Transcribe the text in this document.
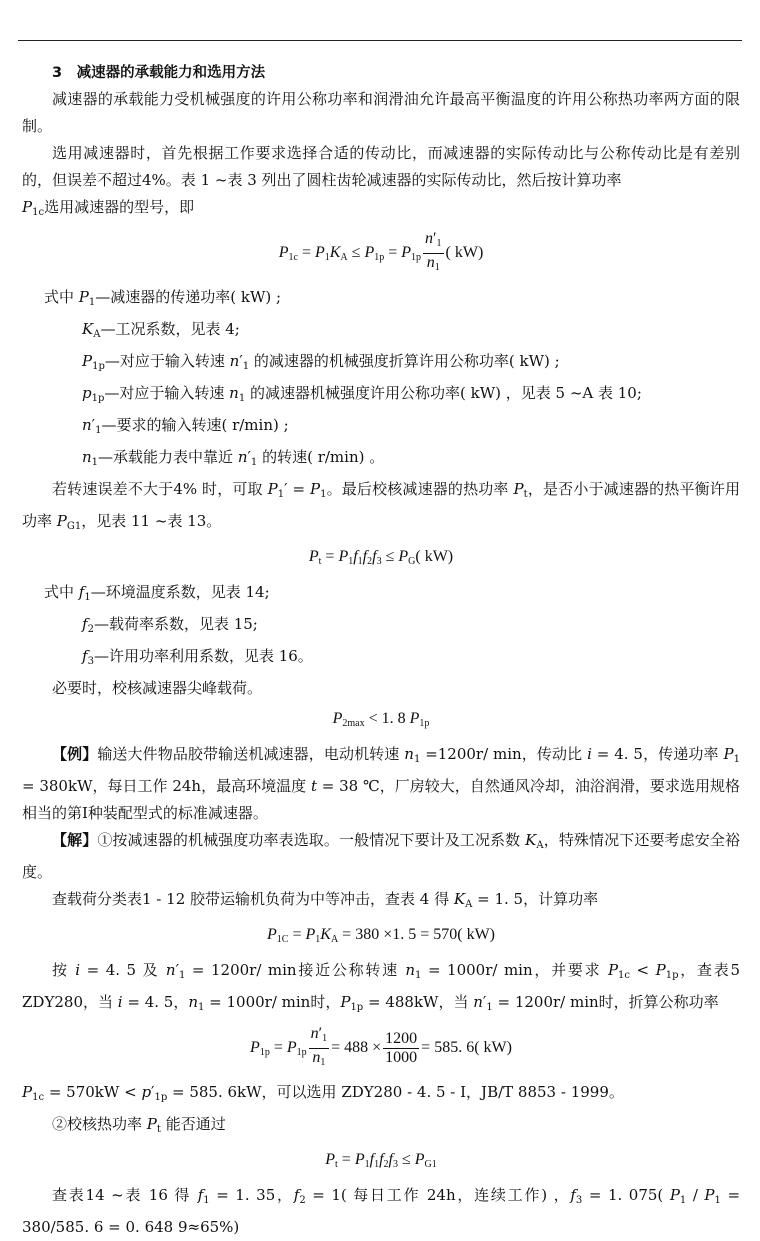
3　减速器的承载能力和选用方法

减速器的承载能力受机械强度的许用公称功率和润滑油允许最高平衡温度的许用公称热功率两方面的限制。

选用减速器时，首先根据工作要求选择合适的传动比，而减速器的实际传动比与公称传动比是有差别的，但误差不超过4%。表 1 ~表 3 列出了圆柱齿轮减速器的实际传动比，然后按计算功率
$P_{1c}$选用减速器的型号，即

$P_{1c} = P_1K_A \le P_{1p} = P_{1p} \frac{n'_1}{n_1}$ ( kW)

式中 $P_1—$减速器的传递功率( kW) ;

$K_A—$工况系数，见表 4;

$P_{1p}—$对应于输入转速 $n'_1$ 的减速器的机械强度折算许用公称功率( kW) ;

$p_{1p}—$对应于输入转速 $n_1$ 的减速器机械强度许用公称功率( kW) ，见表 5 ~A 表 10;

$n'_1—$要求的输入转速( r/min) ;

$n_1—$承载能力表中靠近 $n'_1$ 的转速( r/min) 。

若转速误差不大于4% 时，可取 $P_1' = P_1$。最后校核减速器的热功率 $P_t$，是否小于减速器的热平衡许用功率 $P_{G1}$，见表 11 ~表 13。

$P_t = P_1f_1f_2f_3 \le P_G$( kW)

式中 $f_1—$环境温度系数，见表 14;

$f_2—$载荷率系数，见表 15;

$f_3—$许用功率利用系数，见表 16。

必要时，校核减速器尖峰载荷。

$P_{2max} < 1$. 8 $P_{1p}$

【例】输送大件物品胶带输送机减速器，电动机转速 $n_1 =1200r/$ min，传动比 i = 4. 5，传递功率 $P_1 = 380kW$，每日工作 24h，最高环境温度 t = 38 ℃，厂房较大，自然通风冷却，油浴润滑，要求选用规格相当的第Ⅰ种装配型式的标准减速器。

【解】①按减速器的机械强度功率表选取。一般情况下要计及工况系数 $K_A$，特殊情况下还要考虑安全裕度。

查载荷分类表1 - 12 胶带运输机负荷为中等冲击，查表 4 得 $K_A = 1$. 5，计算功率

$P_{1C} = P_1K_A = 380 \times 1$. 5 = 570( kW)

按 i = 4. 5 及 $n'_1 = 1200r/$ min接近公称转速 $n_1 = 1000r/$ min，并要求 $P_{1c} < P_{1p}$，查表5 ZDY280，当 i = 4. 5，$n_1 = 1000r/$ min时，$P_{1p} = 488kW$，当 $n'_1 = 1200r/$ min时，折算公称功率

$P_{1p} = P_{1p} \frac{n'_1}{n_1} = 488 \times \frac{1200}{1000} = 585$. 6( kW)

$P_{1c} = 570kW < p'_{1p} = 585$. 6kW，可以选用 ZDY280 - 4. 5 - Ⅰ，JB/T 8853 - 1999。

②校核热功率 $P_t$ 能否通过

$P_t = P_1f_1f_2f_3 \le P_{G1}$

查表14 ~表 16 得 $f_1 = 1$. 35，$f_2 = 1$( 每日工作 24h，连续工作) ，$f_3 = 1$. 075( $P_1 / P_1 = 380/585$. 6 = 0. 648 9≈65%)
